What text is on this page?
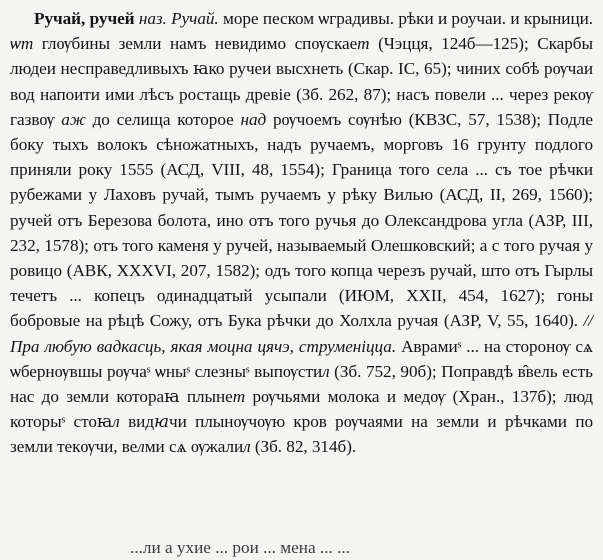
Ручай, ручей наз. Ручай. море песком ѡградивы. рѣки и роучаи. и крыници. ѡт глѹбины земли намъ невидимо спѹскает (Чэцця, 124б—125); Скарбы людеи несправедливыхъ ꙗко ручеи высхнеть (Скар. IC, 65); чиних собѣ рѹчаи вод напоити ими лѣсъ ростащь древіе (Зб. 262, 87); насъ повели ... через рекѹ газвѹ аж до селища которое над рѹчоемъ сѹнѣю (КВЗС, 57, 1538); Подле боку тыхъ волокъ сѣножатныхъ, надъ ручаемъ, морговъ 16 грунту подлого приняли року 1555 (АСД, VIII, 48, 1554); Граница того села ... съ тое рѣчки рубежами у Лаховъ ручай, тымъ ручаемъ у рѣку Вилью (АСД, II, 269, 1560); ручей отъ Березова болота, ино отъ того ручья до Олександрова угла (АЗР, III, 232, 1578); отъ того каменя у ручей, называемый Олешковский; а с того ручая у ровицо (АВК, XXXVI, 207, 1582); одъ того копца черезъ ручай, што отъ Гырлы течетъ ... копецъ одинадцатый усыпали (ИЮМ, XXII, 454, 1627); гоны бобровые на рѣцѣ Сожу, отъ Бука рѣчки до Холхла ручая (АЗР, V, 55, 1640). // Пра любую вадкасць, якая моцна цячэ, струменіцца. Аврамиˢ ... на сторонѹ сѧ ѡбернѹвшы рѹчаˢ ѡныˢ слезныˢ выпѹстил (Зб. 752, 90б); Поправдѣ в̂вель есть нас до земли котораꙗ плынет рѹчьями молока и медѹ (Хран., 137б); люд которыˢ стоꙗл видꙗчи плынѹчѹю кров рѹчаями на земли и рѣчками по земли текѹчи, велми сѧ ѹжалил (Зб. 82, 314б).

...ли а ухие ... рои ... мена ... ...
